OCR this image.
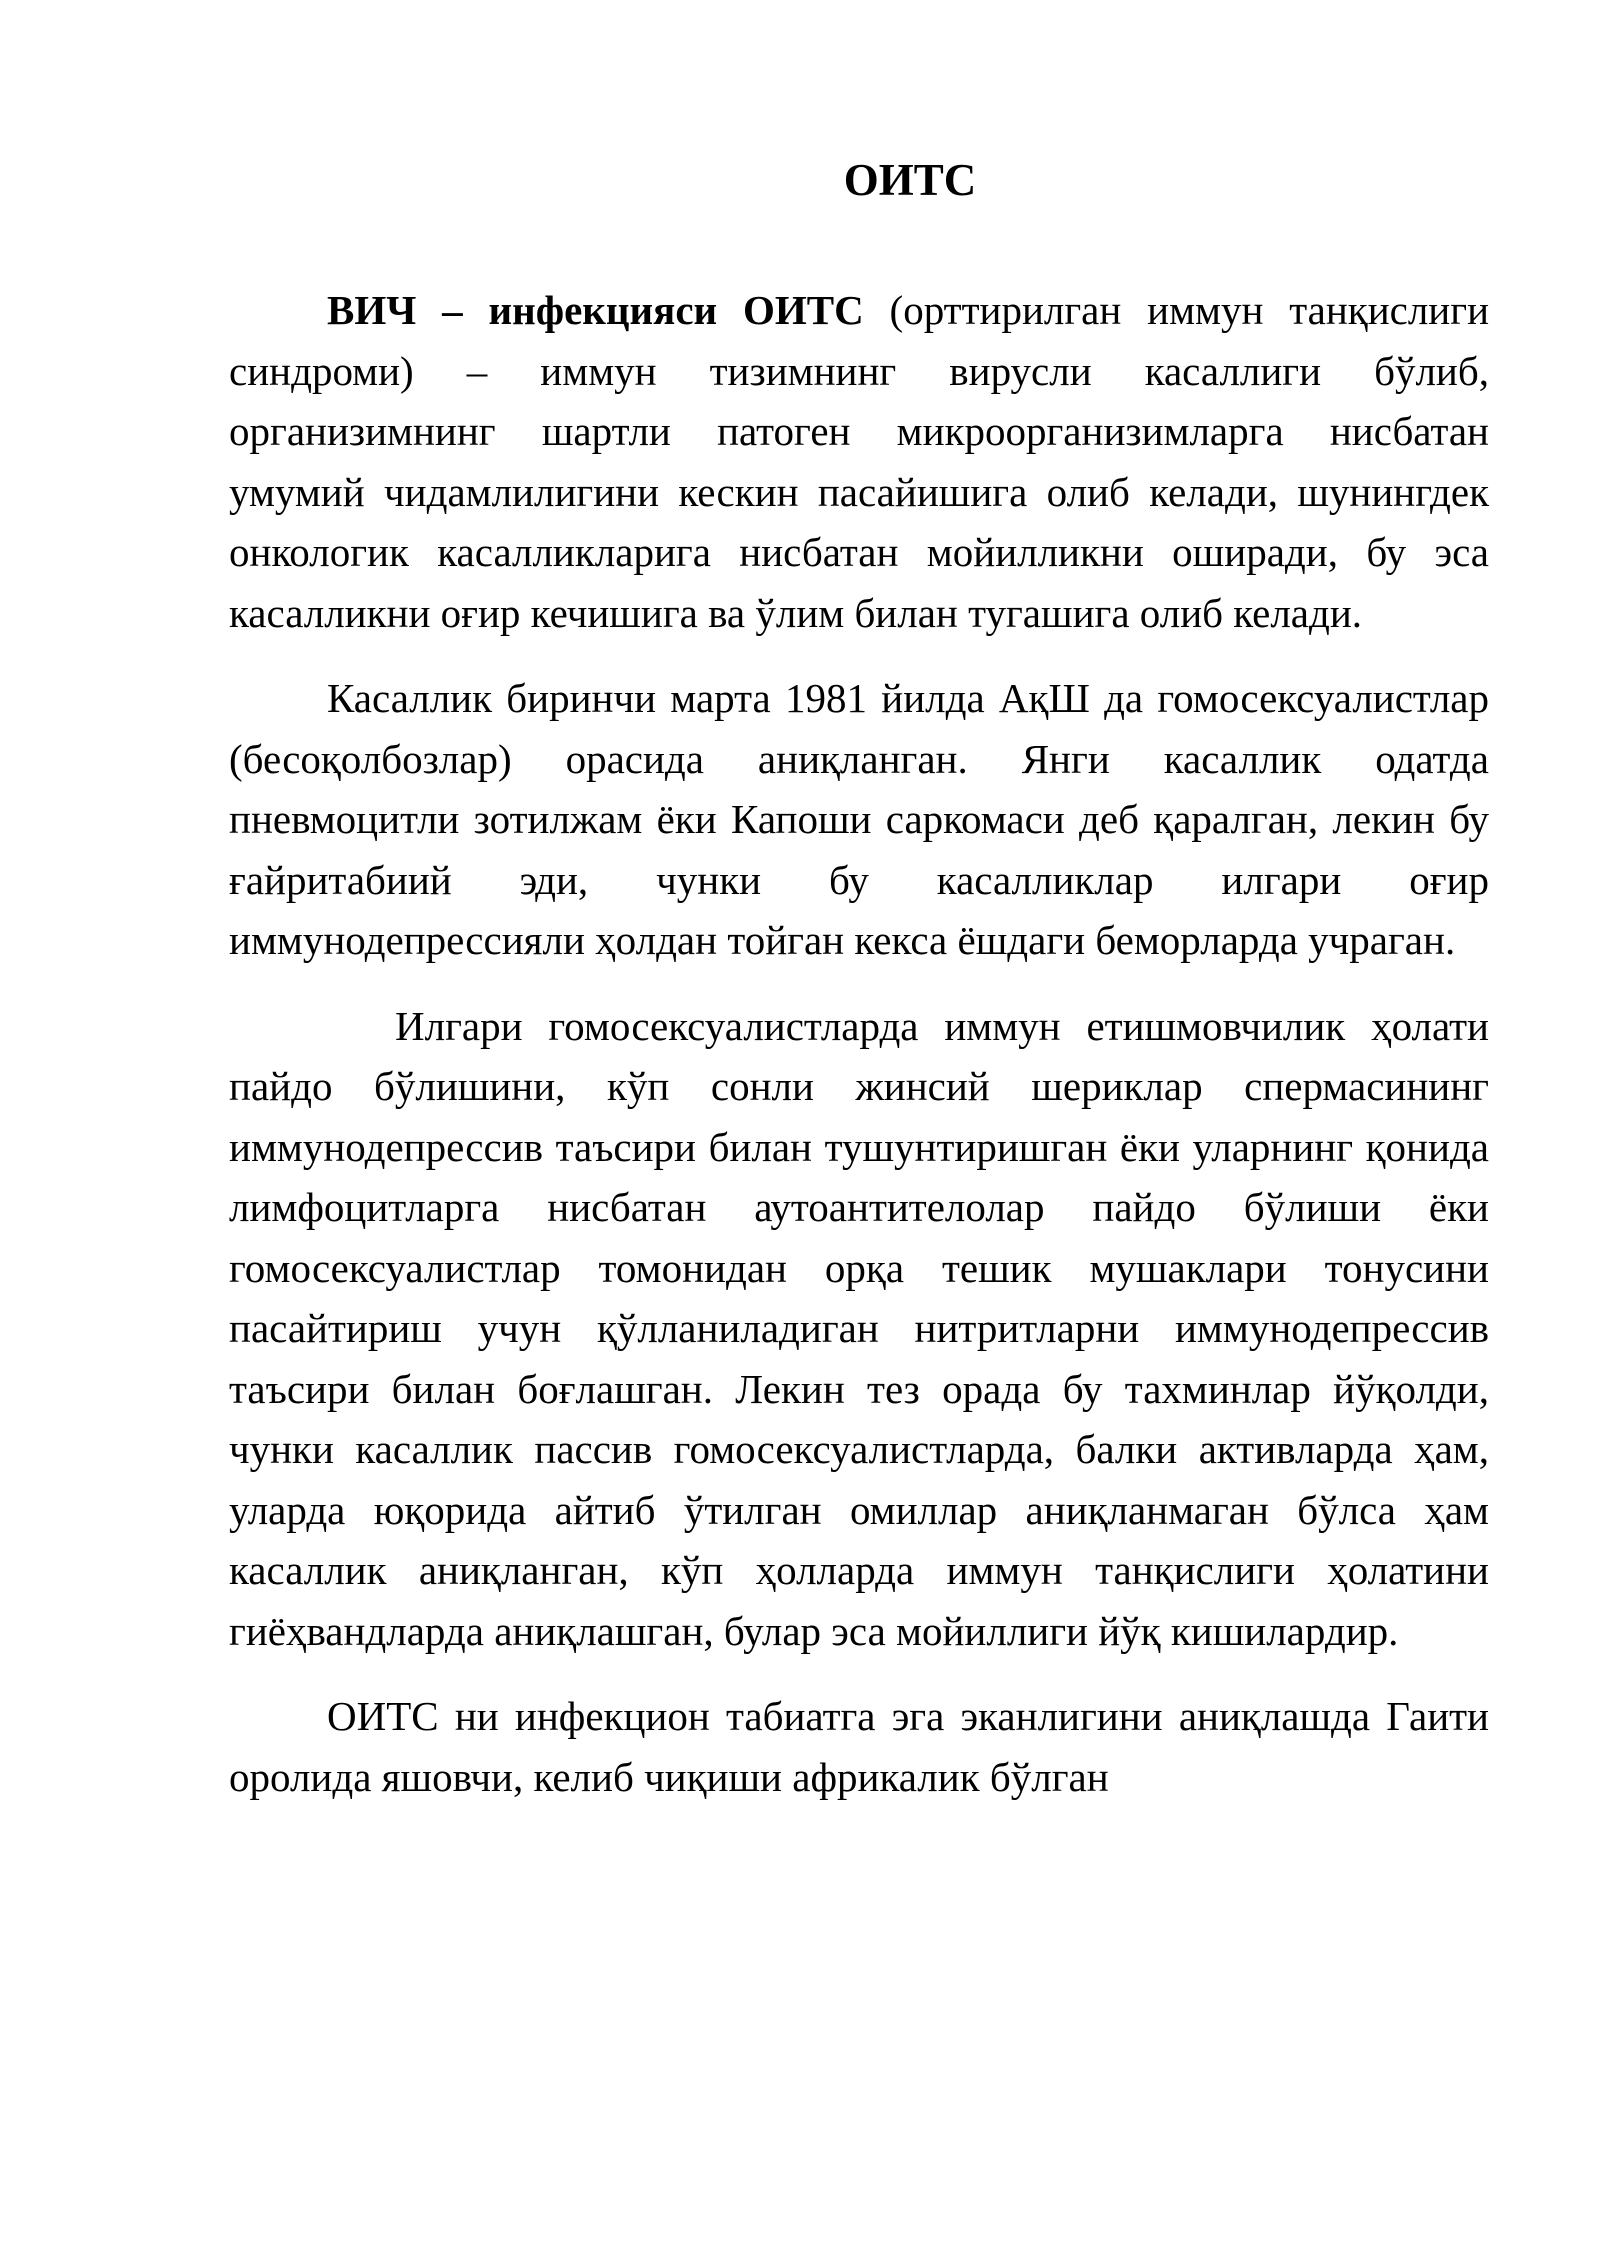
ОИТС

ВИЧ – инфекцияси ОИТС (орттирилган иммун танқислиги синдроми) – иммун тизимнинг вирусли касаллиги бўлиб, организимнинг шартли патоген микроорганизимларга нисбатан умумий чидамлилигини кескин пасайишига олиб келади, шунингдек онкологик касалликларига нисбатан мойилликни оширади, бу эса касалликни оғир кечишига ва ўлим билан тугашига олиб келади.

Касаллик биринчи марта 1981 йилда АқШ да гомосексуалистлар (бесоқолбозлар) орасида аниқланган. Янги касаллик одатда пневмоцитли зотилжам ёки Капоши саркомаси деб қаралган, лекин бу ғайритабиий эди, чунки бу касалликлар илгари оғир иммунодепрессияли ҳолдан тойган кекса ёшдаги беморларда учраган.

Илгари гомосексуалистларда иммун етишмовчилик ҳолати пайдо бўлишини, кўп сонли жинсий шериклар спермасининг иммунодепрессив таъсири билан тушунтиришган ёки уларнинг қонида лимфоцитларга нисбатан аутоантителолар пайдо бўлиши ёки гомосексуалистлар томонидан орқа тешик мушаклари тонусини пасайтириш учун қўлланиладиган нитритларни иммунодепрессив таъсири билан боғлашган. Лекин тез орада бу тахминлар йўқолди, чунки касаллик пассив гомосексуалистларда, балки активларда ҳам, уларда юқорида айтиб ўтилган омиллар аниқланмаган бўлса ҳам касаллик аниқланган, кўп ҳолларда иммун танқислиги ҳолатини гиёҳвандларда аниқлашган, булар эса мойиллиги йўқ кишилардир.

ОИТС ни инфекцион табиатга эга эканлигини аниқлашда Гаити оролида яшовчи, келиб чиқиши африкалик бўлган
